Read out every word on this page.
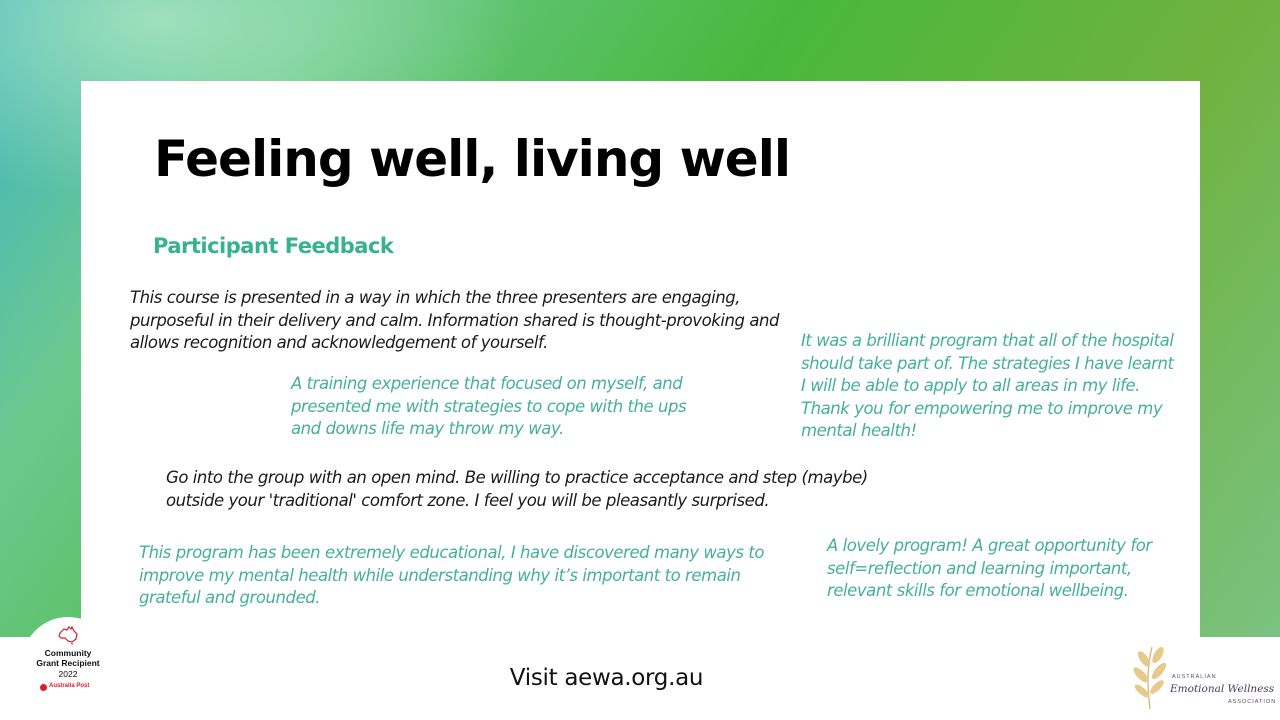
Feeling well, living well
Participant Feedback

This course is presented in a way in which the three presenters are engaging, purposeful in their delivery and calm. Information shared is thought-provoking and allows recognition and acknowledgement of yourself.	It was a brilliant program that all of the hospital should take part of. The strategies I have learnt I will be able to apply to all areas in my life. Thank you for empowering me to improve my mental health!

A training experience that focused on myself, and presented me with strategies to cope with the ups and downs life may throw my way.

Go into the group with an open mind. Be willing to practice acceptance and step (maybe) outside your 'traditional' comfort zone. I feel you will be pleasantly surprised.

This program has been extremely educational, I have discovered many ways to improve my mental health while understanding why it’s important to remain grateful and grounded.

A lovely program! A great opportunity for self=reflection and learning important, relevant skills for emotional wellbeing.

Visit aewa.org.au

Community

Grant Recipient

2022

Australia Post

AUSTRALIAN

Emotional Wellness

ASSOCIATION
